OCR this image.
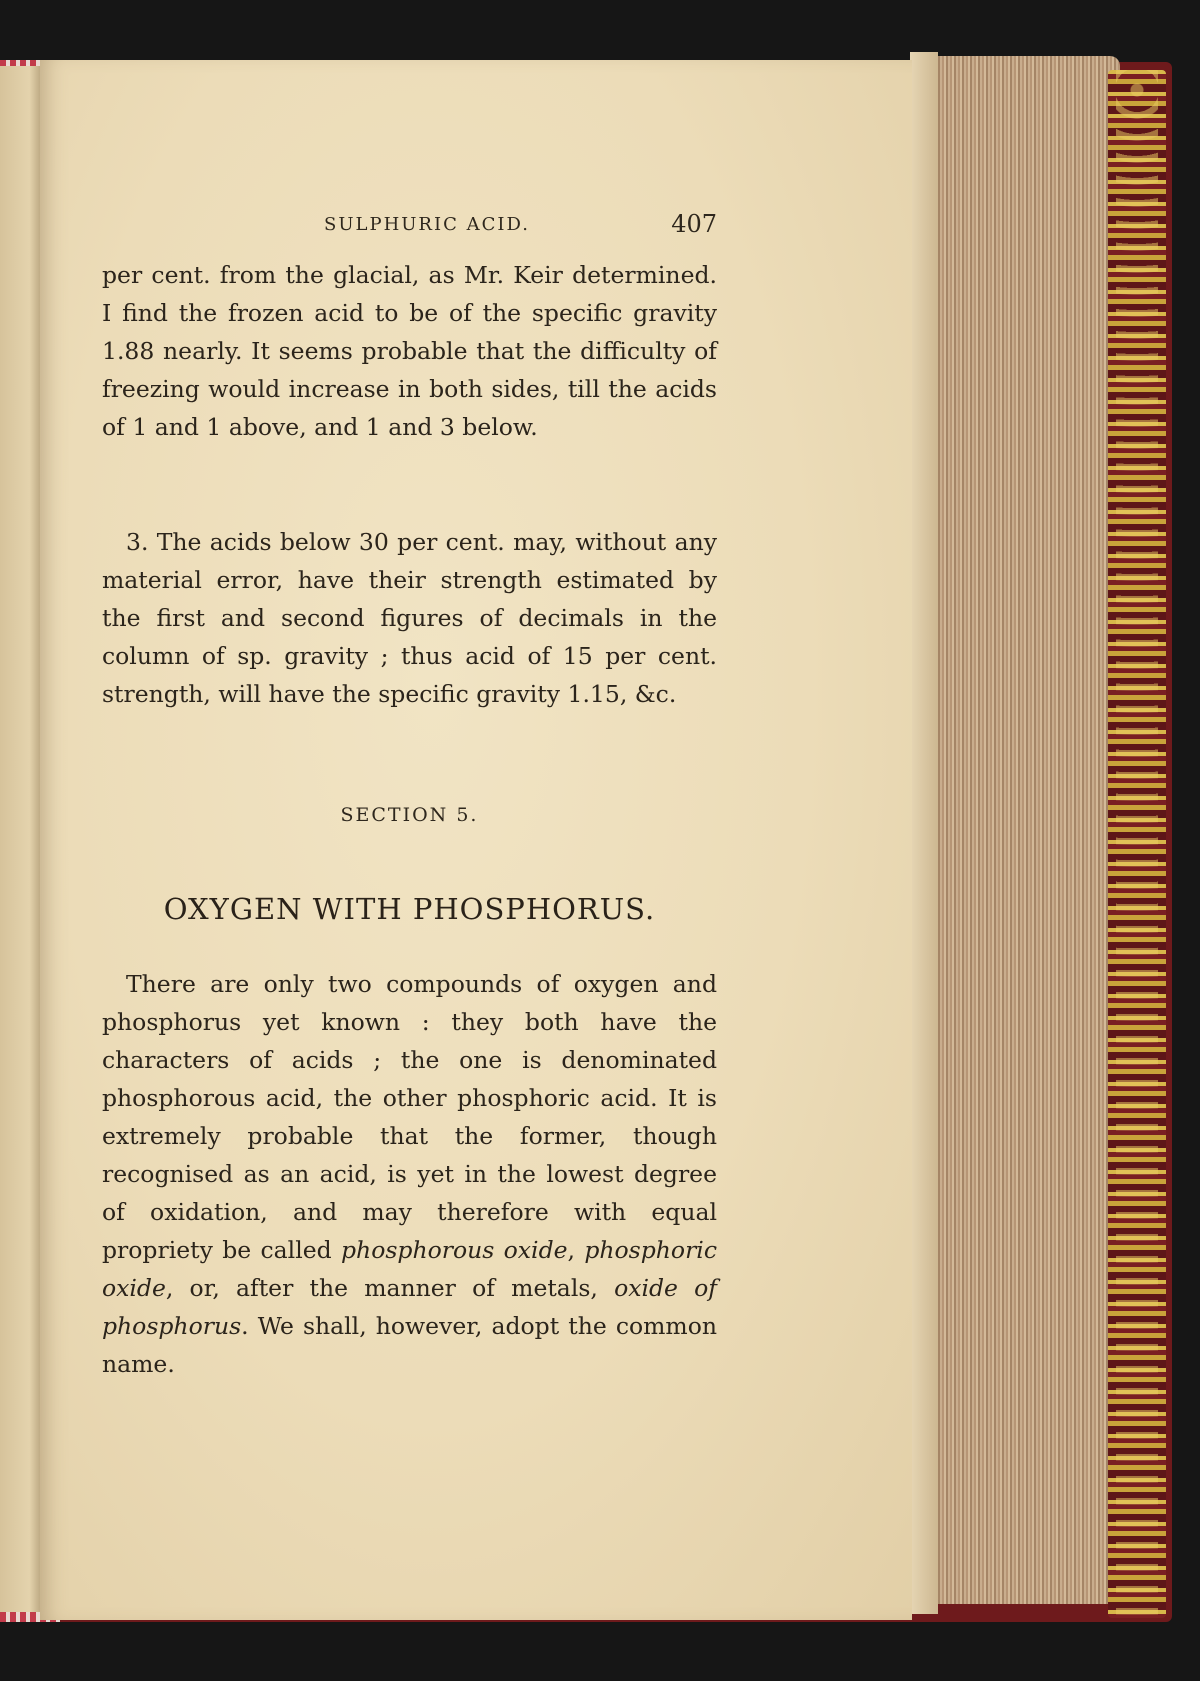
SULPHURIC ACID.	407
per cent. from the glacial, as Mr. Keir determined. I find the frozen acid to be of the specific gravity 1.88 nearly. It seems probable that the difficulty of freezing would increase in both sides, till the acids of 1 and 1 above, and 1 and 3 below.
3. The acids below 30 per cent. may, without any material error, have their strength estimated by the first and second figures of decimals in the column of sp. gravity ; thus acid of 15 per cent. strength, will have the specific gravity 1.15, &c.
SECTION 5.
OXYGEN WITH PHOSPHORUS.
There are only two compounds of oxygen and phosphorus yet known : they both have the characters of acids ; the one is denominated phosphorous acid, the other phosphoric acid. It is extremely probable that the former, though recognised as an acid, is yet in the lowest degree of oxidation, and may therefore with equal propriety be called phosphorous oxide, phosphoric oxide, or, after the manner of metals, oxide of phosphorus. We shall, however, adopt the common name.
